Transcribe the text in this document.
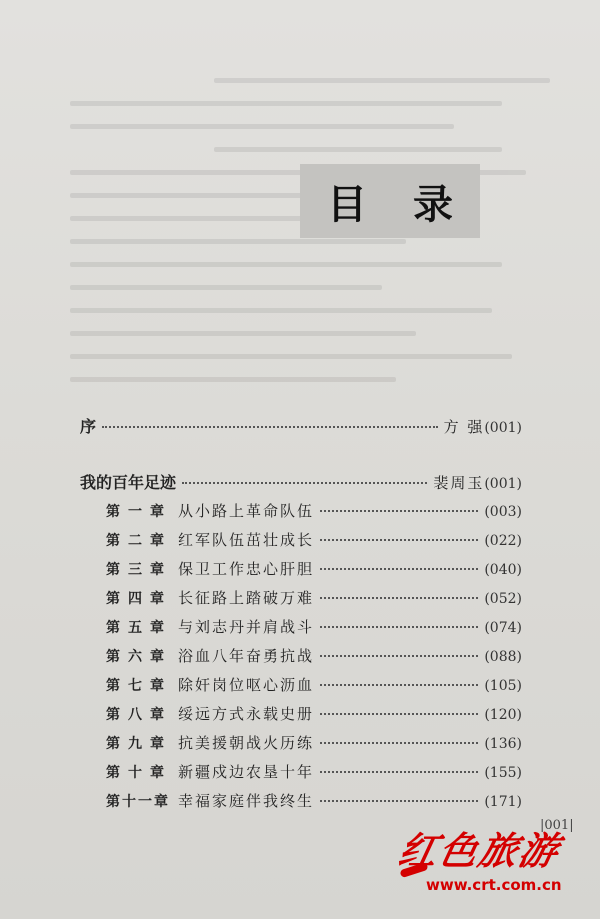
目 录
序	方 强 (001)
我的百年足迹	裴周玉 (001)
第一章 从小路上革命队伍	(003)
第二章 红军队伍茁壮成长	(022)
第三章 保卫工作忠心肝胆	(040)
第四章 长征路上踏破万难	(052)
第五章 与刘志丹并肩战斗	(074)
第六章 浴血八年奋勇抗战	(088)
第七章 除奸岗位呕心沥血	(105)
第八章 绥远方式永载史册	(120)
第九章 抗美援朝战火历练	(136)
第十章 新疆戍边农垦十年	(155)
第十一章 幸福家庭伴我终生	(171)
|001|
红色旅游
www.crt.com.cn
